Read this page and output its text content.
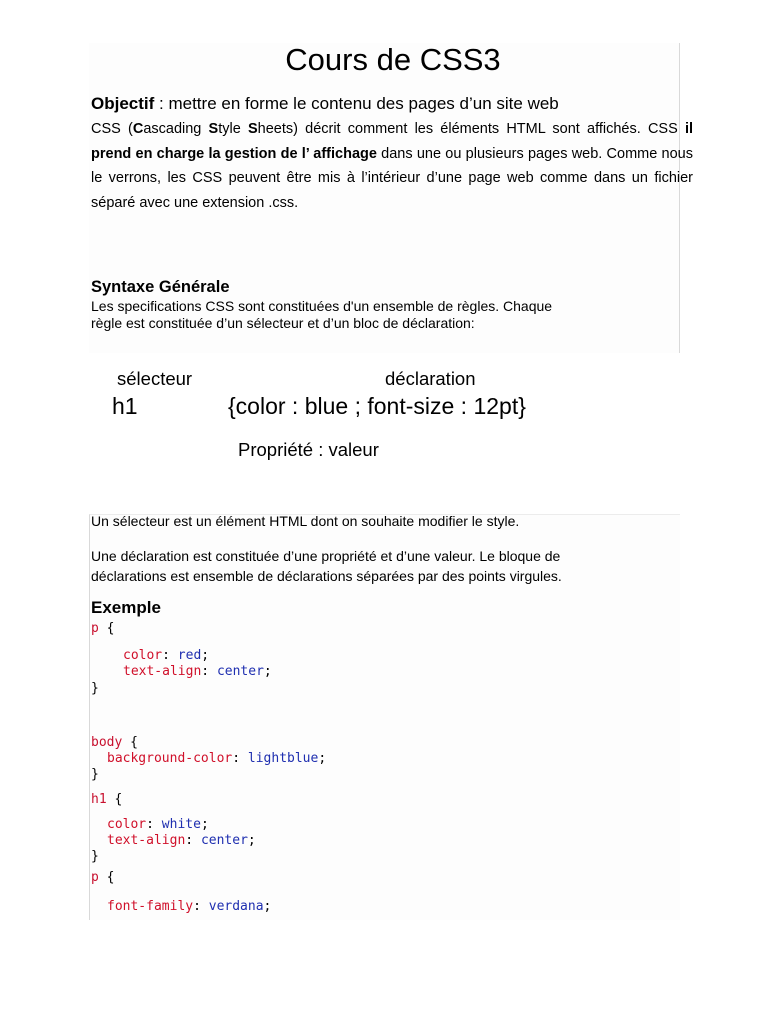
Cours de CSS3
Objectif : mettre en forme le contenu des pages d’un site web

CSS (Cascading Style Sheets) décrit comment les éléments HTML sont affichés. CSS il prend en charge la gestion de l’ affichage dans une ou plusieurs pages web. Comme nous le verrons, les CSS peuvent être mis à l’intérieur d’une page web comme dans un fichier séparé avec une extension .css.

Syntaxe Générale
Les specifications CSS sont constituées d'un ensemble de règles. Chaque
règle est constituée d’un sélecteur et d’un bloc de déclaration:
sélecteur	déclaration
h1	{color : blue ; font-size : 12pt}
Propriété : valeur
Un sélecteur est un élément HTML dont on souhaite modifier le style.
Une déclaration est constituée d’une propriété et d’une valeur. Le bloque de
déclarations est ensemble de déclarations séparées par des points virgules.
Exemple
p {
color: red;
text-align: center;
}
body {
background-color: lightblue;
}
h1 {
color: white;
text-align: center;
}
p {
font-family: verdana;
